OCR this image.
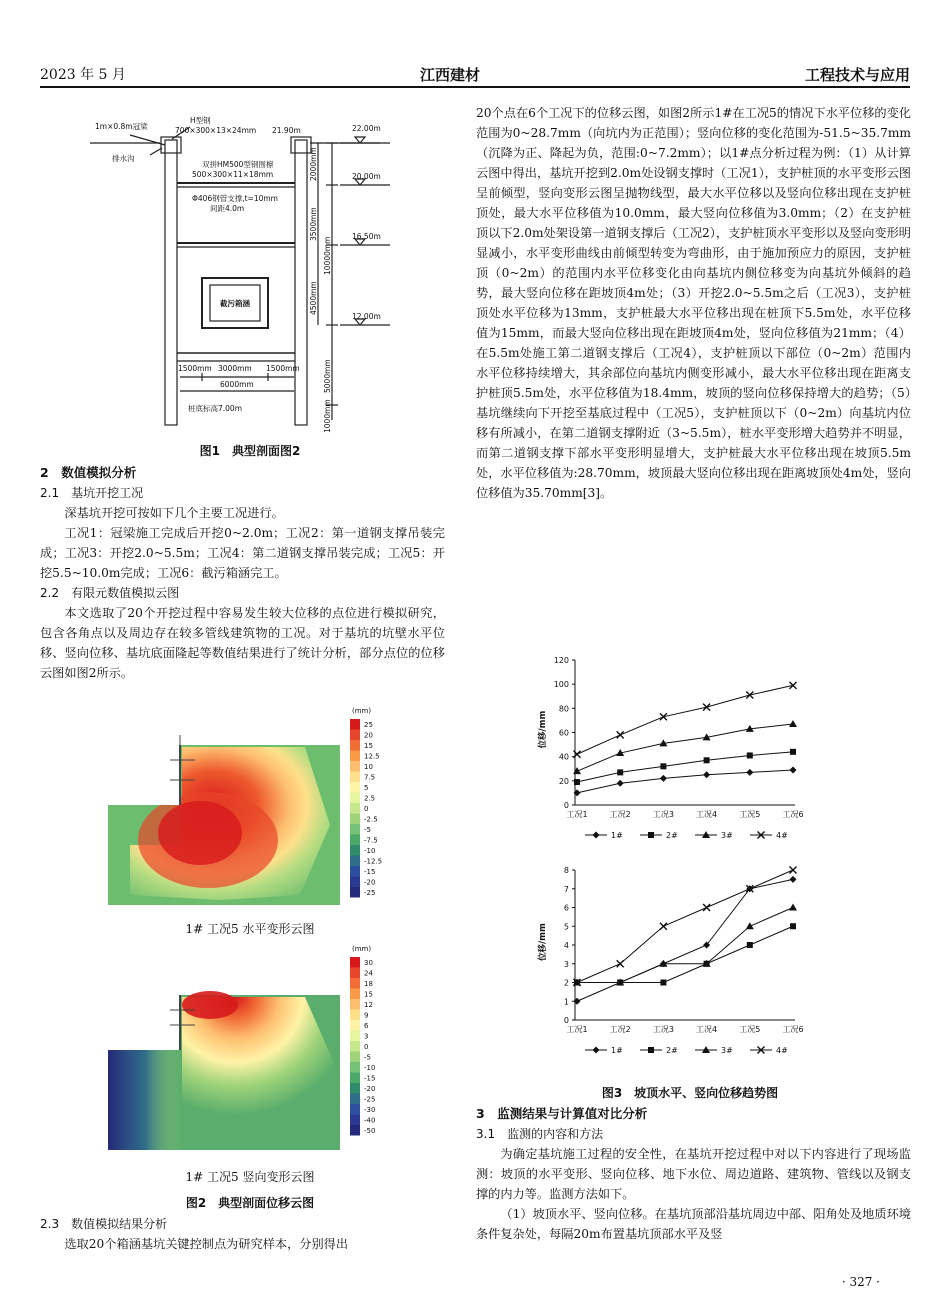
2023 年 5 月	江西建材	工程技术与应用
1m×0.8m冠梁
H型钢
700×300×13×24mm 21.90m	22.00m
排水沟
双拼HM500型钢围檩
500×300×11×18mm
Φ406钢管支撑,t=10mm
间距4.0m
20.00m
16.50m
截污箱涵
12.00m
1500mm 3000mm 1500mm
6000mm
桩底标高7.00m
2000mm
3500mm
10000mm
4500mm
5000mm
1000mm
图1　典型剖面图2

2　数值模拟分析

2.1　基坑开挖工况

深基坑开挖可按如下几个主要工况进行。

工况1：冠梁施工完成后开挖0~2.0m；工况2：第一道钢支撑吊装完成；工况3：开挖2.0~5.5m；工况4：第二道钢支撑吊装完成；工况5：开挖5.5~10.0m完成；工况6：截污箱涵完工。

2.2　有限元数值模拟云图

本文选取了20个开挖过程中容易发生较大位移的点位进行模拟研究，包含各角点以及周边存在较多管线建筑物的工况。对于基坑的坑壁水平位移、竖向位移、基坑底面隆起等数值结果进行了统计分析，部分点位的位移云图如图2所示。

(mm)
25
20
15
12.5
10
7.5
5
2.5
0
-2.5
-5
-7.5
-10
-12.5
-15
-20
-25
(mm)
30
24
18
15
12
9
6
3
0
-5
-10
-15
-20
-25
-30
-40
-50
1# 工况5 水平变形云图
1# 工况5 竖向变形云图
图2　典型剖面位移云图

2.3　数值模拟结果分析

选取20个箱涵基坑关键控制点为研究样本，分别得出

20个点在6个工况下的位移云图，如图2所示1#在工况5的情况下水平位移的变化范围为0~28.7mm（向坑内为正范围）；竖向位移的变化范围为-51.5~35.7mm（沉降为正、降起为负，范围:0~7.2mm）；以1#点分析过程为例：（1）从计算云图中得出，基坑开挖到2.0m处设钢支撑时（工况1），支护桩顶的水平变形云图呈前倾型，竖向变形云图呈抛物线型，最大水平位移以及竖向位移出现在支护桩顶处，最大水平位移值为10.0mm，最大竖向位移值为3.0mm；（2）在支护桩顶以下2.0m处架设第一道钢支撑后（工况2），支护桩顶水平变形以及竖向变形明显减小，水平变形曲线由前倾型转变为弯曲形，由于施加预应力的原因，支护桩顶（0~2m）的范围内水平位移变化由向基坑内侧位移变为向基坑外倾斜的趋势，最大竖向位移在距坡顶4m处；（3）开挖2.0~5.5m之后（工况3），支护桩顶处水平位移为13mm，支护桩最大水平位移出现在桩顶下5.5m处，水平位移值为15mm，而最大竖向位移出现在距坡顶4m处，竖向位移值为21mm；（4）在5.5m处施工第二道钢支撑后（工况4），支护桩顶以下部位（0~2m）范围内水平位移持续增大，其余部位向基坑内侧变形减小，最大水平位移出现在距离支护桩顶5.5m处，水平位移值为18.4mm，坡顶的竖向位移保持增大的趋势；（5）基坑继续向下开挖至基底过程中（工况5），支护桩顶以下（0~2m）向基坑内位移有所减小，在第二道钢支撑附近（3~5.5m），桩水平变形增大趋势并不明显，而第二道钢支撑下部水平变形明显增大，支护桩最大水平位移出现在坡顶5.5m处，水平位移值为:28.70mm，坡顶最大竖向位移出现在距离坡顶处4m处，竖向位移值为35.70mm[3]。

0
20
40
60
80
100
120
工况1	工况2	工况3	工况4	工况5	工况6
位移/mm
1#	2#	3#	4#
0
1
2
3
4
5
6
7
8
工况1	工况2	工况3	工况4	工况5	工况6
位移/mm
1#	2#	3#	4#
图3　坡顶水平、竖向位移趋势图

3　监测结果与计算值对比分析

3.1　监测的内容和方法

为确定基坑施工过程的安全性，在基坑开挖过程中对以下内容进行了现场监测：坡顶的水平变形、竖向位移、地下水位、周边道路、建筑物、管线以及钢支撑的内力等。监测方法如下。

（1）坡顶水平、竖向位移。在基坑顶部沿基坑周边中部、阳角处及地质环境条件复杂处，每隔20m布置基坑顶部水平及竖

· 327 ·
